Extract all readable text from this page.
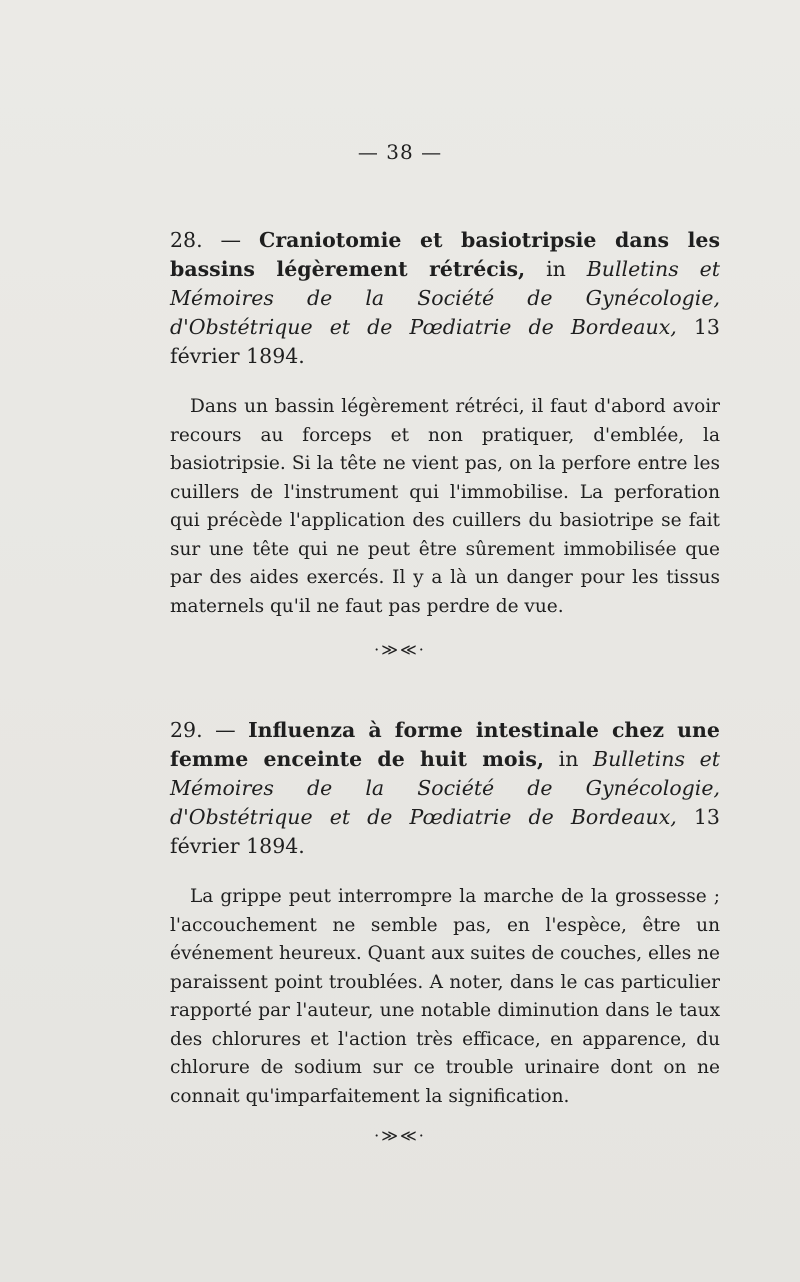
— 38 —
28. — Craniotomie et basiotripsie dans les bassins légèrement rétrécis, in Bulletins et Mémoires de la Société de Gynécologie, d'Obstétrique et de Pœdiatrie de Bordeaux, 13 février 1894.

Dans un bassin légèrement rétréci, il faut d'abord avoir recours au forceps et non pratiquer, d'emblée, la basiotripsie. Si la tête ne vient pas, on la perfore entre les cuillers de l'instrument qui l'immobilise. La perforation qui précède l'application des cuillers du basiotripe se fait sur une tête qui ne peut être sûrement immobilisée que par des aides exercés. Il y a là un danger pour les tissus maternels qu'il ne faut pas perdre de vue.

·≫≪·
29. — Influenza à forme intestinale chez une femme enceinte de huit mois, in Bulletins et Mémoires de la Société de Gynécologie, d'Obstétrique et de Pœdiatrie de Bordeaux, 13 février 1894.

La grippe peut interrompre la marche de la grossesse ; l'accouchement ne semble pas, en l'espèce, être un événement heureux. Quant aux suites de couches, elles ne paraissent point troublées. A noter, dans le cas particulier rapporté par l'auteur, une notable diminution dans le taux des chlorures et l'action très efficace, en apparence, du chlorure de sodium sur ce trouble urinaire dont on ne connait qu'imparfaitement la signification.

·≫≪·
